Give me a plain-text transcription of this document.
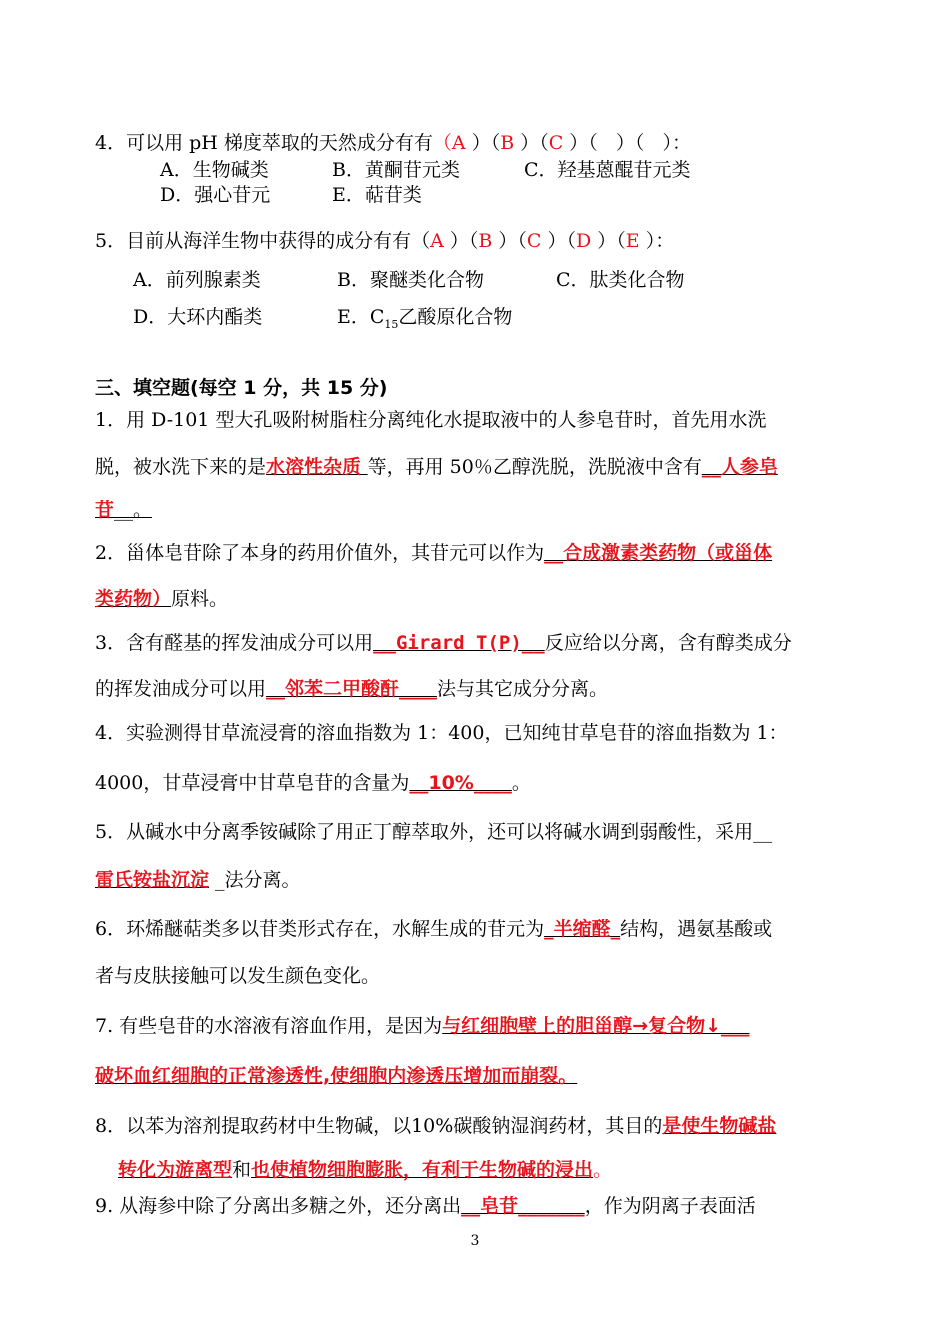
4．可以用 pH 梯度萃取的天然成分有有（A ）（B ）（C ）（   ）（   ）：
A．生物碱类	B．黄酮苷元类	C．羟基蒽醌苷元类
D．强心苷元	E．萜苷类
5．目前从海洋生物中获得的成分有有（A ）（B ）（C ）（D ）（E ）：
A．前列腺素类	B．聚醚类化合物	C．肽类化合物
D．大环内酯类	E．$C_{15}$乙酸原化合物
三、填空题(每空 1 分，共 15 分)
1．用 D-101 型大孔吸附树脂柱分离纯化水提取液中的人参皂苷时，首先用水洗
脱，被水洗下来的是水溶性杂质 等，再用 50％乙醇洗脱，洗脱液中含有__人参皂
苷__。
2．甾体皂苷除了本身的药用价值外，其苷元可以作为__合成激素类药物（或甾体
类药物）原料。
3．含有醛基的挥发油成分可以用__Girard T(P)__反应给以分离，含有醇类成分
的挥发油成分可以用__邻苯二甲酸酐____法与其它成分分离。
4．实验测得甘草流浸膏的溶血指数为 1：400，已知纯甘草皂苷的溶血指数为 1：
4000，甘草浸膏中甘草皂苷的含量为__10%____。
5．从碱水中分离季铵碱除了用正丁醇萃取外，还可以将碱水调到弱酸性，采用__
雷氏铵盐沉淀 _法分离。
6．环烯醚萜类多以苷类形式存在，水解生成的苷元为_半缩醛_结构，遇氨基酸或
者与皮肤接触可以发生颜色变化。
7. 有些皂苷的水溶液有溶血作用，是因为与红细胞壁上的胆甾醇→复合物↓___
破坏血红细胞的正常渗透性,使细胞内渗透压增加而崩裂。
8．以苯为溶剂提取药材中生物碱，以10%碳酸钠湿润药材，其目的是使生物碱盐
转化为游离型和也使植物细胞膨胀，有利于生物碱的浸出。
9. 从海参中除了分离出多糖之外，还分离出__皂苷_______，作为阴离子表面活
3
